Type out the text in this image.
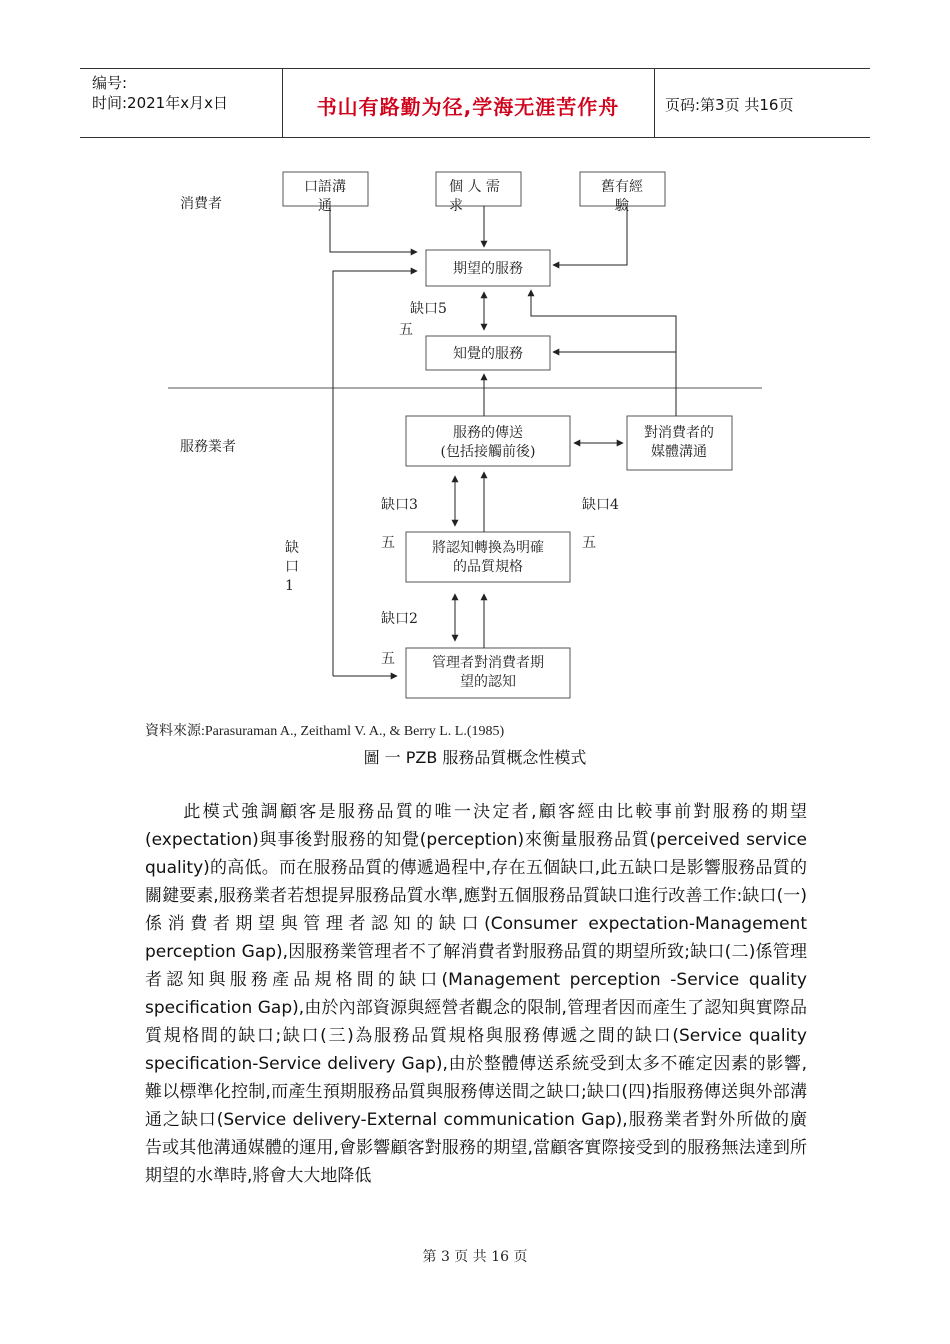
编号:
时间:2021年x月x日	书山有路勤为径,学海无涯苦作舟	页码:第3页 共16页
消費者
服務業者
口語溝
通
個 人 需
求
舊有經
驗
期望的服務
知覺的服務
缺口5
五
服務的傳送
(包括接觸前後)
對消費者的
媒體溝通
缺口3
五
缺口4
五
將認知轉換為明確
的品質規格
缺
口
1
缺口2
五	管理者對消費者期
望的認知
資料來源:Parasuraman A., Zeithaml V. A., & Berry L. L.(1985)
圖 一 PZB 服務品質概念性模式

此模式強調顧客是服務品質的唯一決定者,顧客經由比較事前對服務的期望(expectation)與事後對服務的知覺(perception)來衡量服務品質(perceived service quality)的高低。而在服務品質的傳遞過程中,存在五個缺口,此五缺口是影響服務品質的關鍵要素,服務業者若想提昇服務品質水準,應對五個服務品質缺口進行改善工作:缺口(一)係消費者期望與管理者認知的缺口(Consumer expectation-Management perception Gap),因服務業管理者不了解消費者對服務品質的期望所致;缺口(二)係管理者認知與服務產品規格間的缺口(Management perception -Service quality specification Gap),由於內部資源與經營者觀念的限制,管理者因而產生了認知與實際品質規格間的缺口;缺口(三)為服務品質規格與服務傳遞之間的缺口(Service quality specification-Service delivery Gap),由於整體傳送系統受到太多不確定因素的影響,難以標準化控制,而產生預期服務品質與服務傳送間之缺口;缺口(四)指服務傳送與外部溝通之缺口(Service delivery-External communication Gap),服務業者對外所做的廣告或其他溝通媒體的運用,會影響顧客對服務的期望,當顧客實際接受到的服務無法達到所期望的水準時,將會大大地降低

第 3 页 共 16 页
